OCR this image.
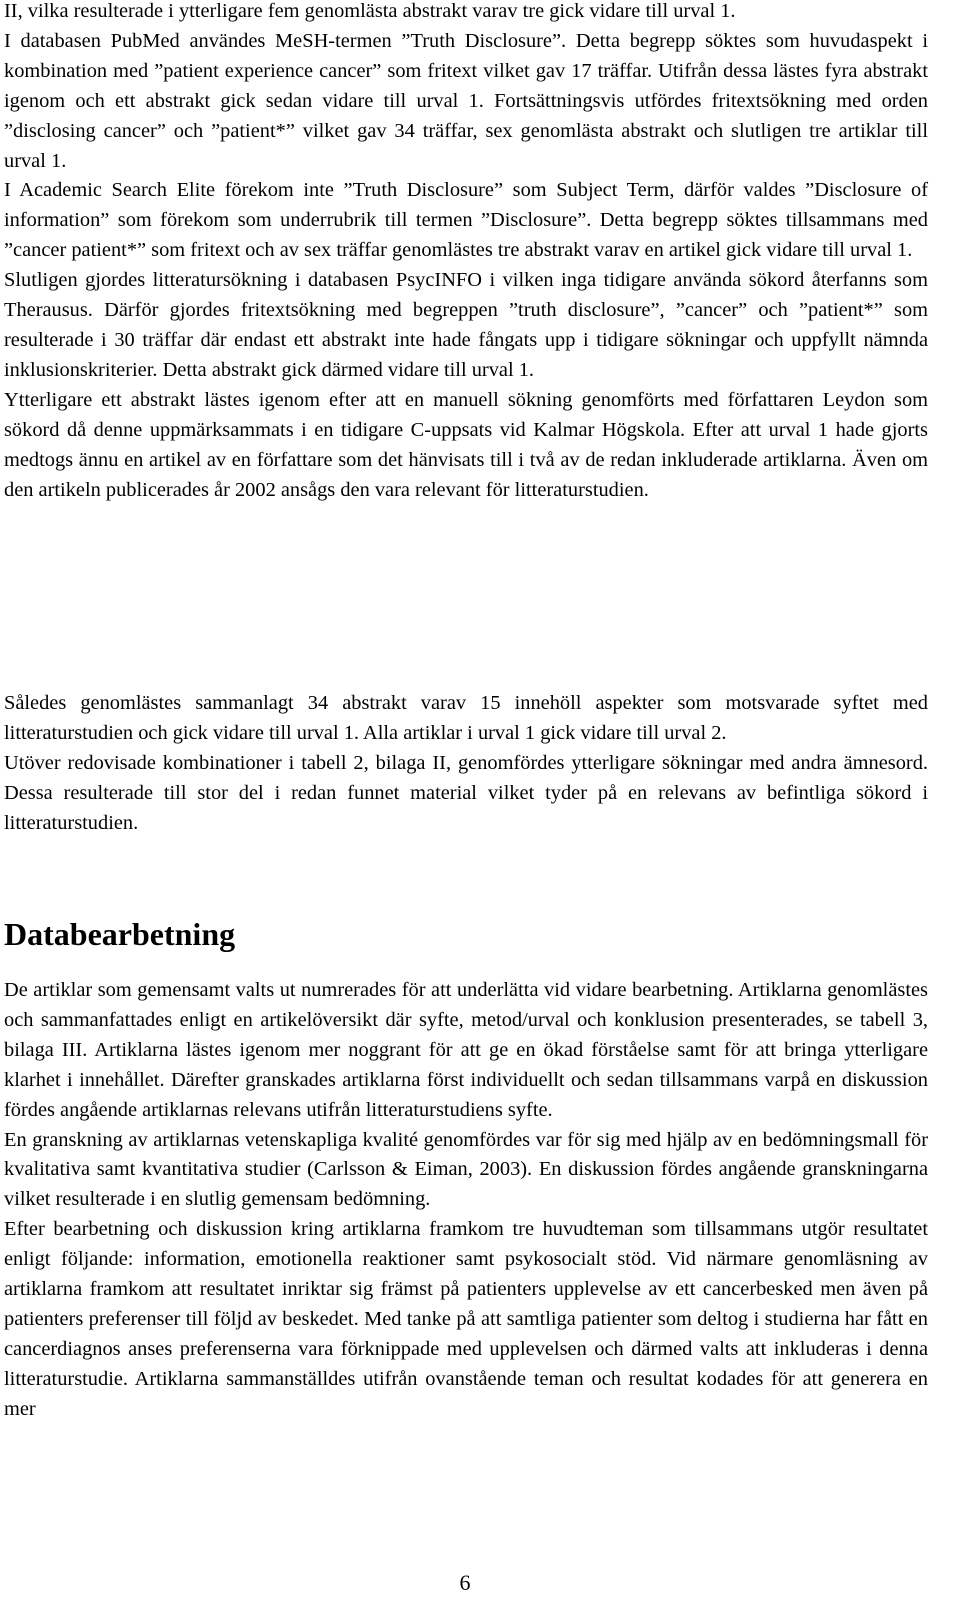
II, vilka resulterade i ytterligare fem genomlästa abstrakt varav tre gick vidare till urval 1.

I databasen PubMed användes MeSH-termen ”Truth Disclosure”. Detta begrepp söktes som huvudaspekt i kombination med ”patient experience cancer” som fritext vilket gav 17 träffar. Utifrån dessa lästes fyra abstrakt igenom och ett abstrakt gick sedan vidare till urval 1. Fortsättningsvis utfördes fritextsökning med orden ”disclosing cancer” och ”patient*” vilket gav 34 träffar, sex genomlästa abstrakt och slutligen tre artiklar till urval 1.

I Academic Search Elite förekom inte ”Truth Disclosure” som Subject Term, därför valdes ”Disclosure of information” som förekom som underrubrik till termen ”Disclosure”. Detta begrepp söktes tillsammans med ”cancer patient*” som fritext och av sex träffar genomlästes tre abstrakt varav en artikel gick vidare till urval 1.

Slutligen gjordes litteratursökning i databasen PsycINFO i vilken inga tidigare använda sökord återfanns som Therausus. Därför gjordes fritextsökning med begreppen ”truth disclosure”, ”cancer” och ”patient*” som resulterade i 30 träffar där endast ett abstrakt inte hade fångats upp i tidigare sökningar och uppfyllt nämnda inklusionskriterier. Detta abstrakt gick därmed vidare till urval 1.

Ytterligare ett abstrakt lästes igenom efter att en manuell sökning genomförts med författaren Leydon som sökord då denne uppmärksammats i en tidigare C-uppsats vid Kalmar Högskola. Efter att urval 1 hade gjorts medtogs ännu en artikel av en författare som det hänvisats till i två av de redan inkluderade artiklarna. Även om den artikeln publicerades år 2002 ansågs den vara relevant för litteraturstudien.

Således genomlästes sammanlagt 34 abstrakt varav 15 innehöll aspekter som motsvarade syftet med litteraturstudien och gick vidare till urval 1. Alla artiklar i urval 1 gick vidare till urval 2.

Utöver redovisade kombinationer i tabell 2, bilaga II, genomfördes ytterligare sökningar med andra ämnesord. Dessa resulterade till stor del i redan funnet material vilket tyder på en relevans av befintliga sökord i litteraturstudien.

Databearbetning

De artiklar som gemensamt valts ut numrerades för att underlätta vid vidare bearbetning. Artiklarna genomlästes och sammanfattades enligt en artikelöversikt där syfte, metod/urval och konklusion presenterades, se tabell 3, bilaga III. Artiklarna lästes igenom mer noggrant för att ge en ökad förståelse samt för att bringa ytterligare klarhet i innehållet. Därefter granskades artiklarna först individuellt och sedan tillsammans varpå en diskussion fördes angående artiklarnas relevans utifrån litteraturstudiens syfte.

En granskning av artiklarnas vetenskapliga kvalité genomfördes var för sig med hjälp av en bedömningsmall för kvalitativa samt kvantitativa studier (Carlsson & Eiman, 2003). En diskussion fördes angående granskningarna vilket resulterade i en slutlig gemensam bedömning.

Efter bearbetning och diskussion kring artiklarna framkom tre huvudteman som tillsammans utgör resultatet enligt följande: information, emotionella reaktioner samt psykosocialt stöd. Vid närmare genomläsning av artiklarna framkom att resultatet inriktar sig främst på patienters upplevelse av ett cancerbesked men även på patienters preferenser till följd av beskedet. Med tanke på att samtliga patienter som deltog i studierna har fått en cancerdiagnos anses preferenserna vara förknippade med upplevelsen och därmed valts att inkluderas i denna litteraturstudie. Artiklarna sammanställdes utifrån ovanstående teman och resultat kodades för att generera en mer

6
